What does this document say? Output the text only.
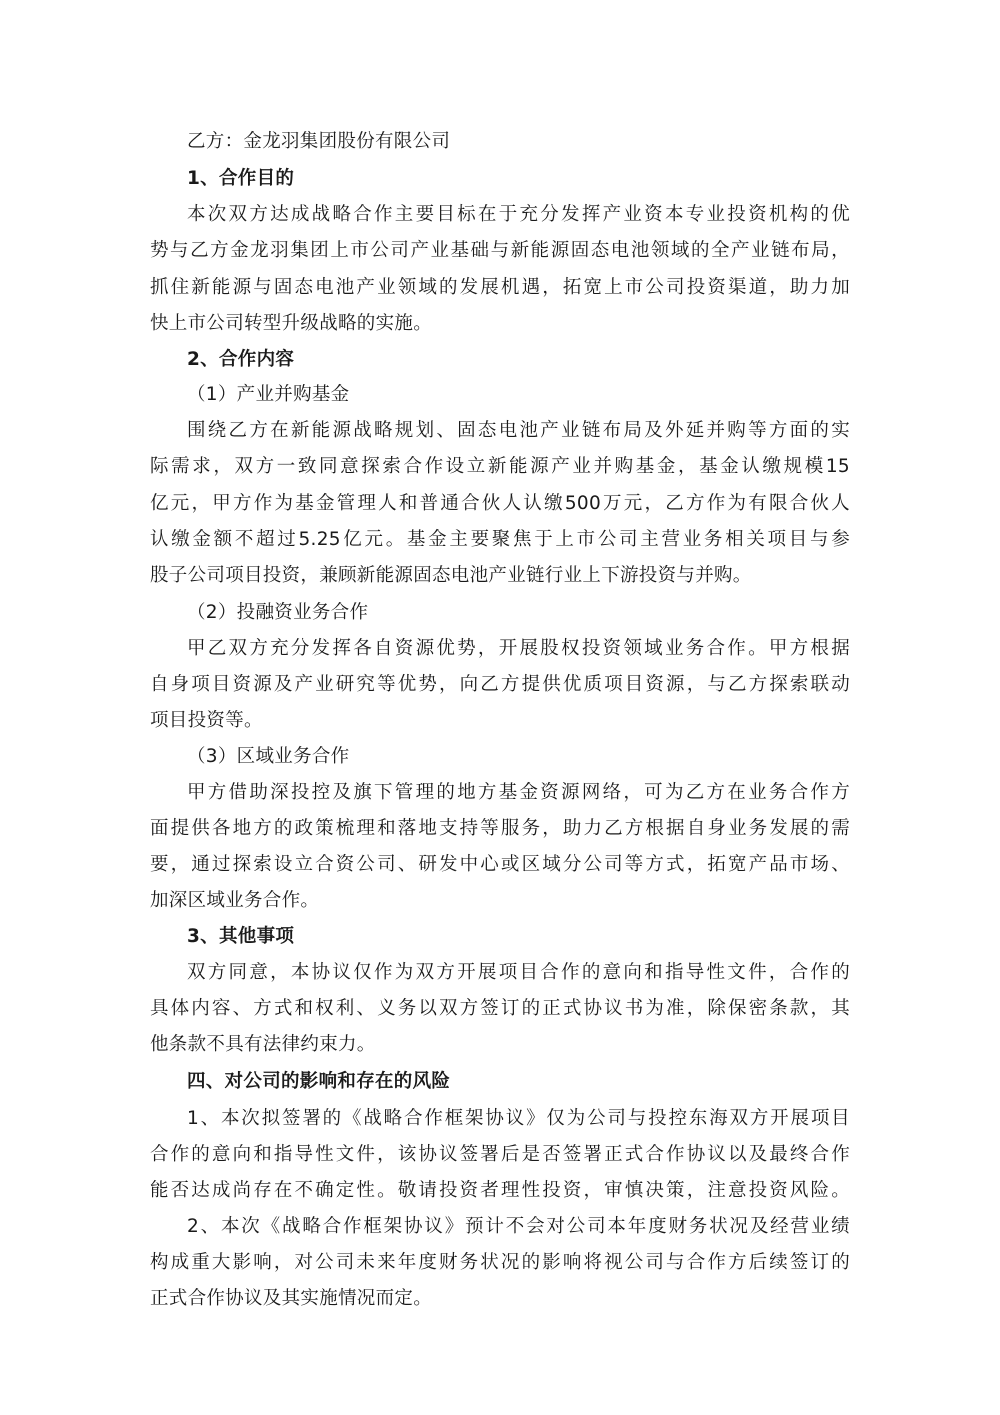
乙方：金龙羽集团股份有限公司

1、合作目的

本次双方达成战略合作主要目标在于充分发挥产业资本专业投资机构的优

势与乙方金龙羽集团上市公司产业基础与新能源固态电池领域的全产业链布局，

抓住新能源与固态电池产业领域的发展机遇，拓宽上市公司投资渠道，助力加

快上市公司转型升级战略的实施。

2、合作内容

（1）产业并购基金

围绕乙方在新能源战略规划、固态电池产业链布局及外延并购等方面的实

际需求，双方一致同意探索合作设立新能源产业并购基金，基金认缴规模15

亿元，甲方作为基金管理人和普通合伙人认缴500万元，乙方作为有限合伙人

认缴金额不超过5.25亿元。基金主要聚焦于上市公司主营业务相关项目与参

股子公司项目投资，兼顾新能源固态电池产业链行业上下游投资与并购。

（2）投融资业务合作

甲乙双方充分发挥各自资源优势，开展股权投资领域业务合作。甲方根据

自身项目资源及产业研究等优势，向乙方提供优质项目资源，与乙方探索联动

项目投资等。

（3）区域业务合作

甲方借助深投控及旗下管理的地方基金资源网络，可为乙方在业务合作方

面提供各地方的政策梳理和落地支持等服务，助力乙方根据自身业务发展的需

要，通过探索设立合资公司、研发中心或区域分公司等方式，拓宽产品市场、

加深区域业务合作。

3、其他事项

双方同意，本协议仅作为双方开展项目合作的意向和指导性文件，合作的

具体内容、方式和权利、义务以双方签订的正式协议书为准，除保密条款，其

他条款不具有法律约束力。

四、对公司的影响和存在的风险

1、本次拟签署的《战略合作框架协议》仅为公司与投控东海双方开展项目

合作的意向和指导性文件，该协议签署后是否签署正式合作协议以及最终合作

能否达成尚存在不确定性。敬请投资者理性投资，审慎决策，注意投资风险。

2、本次《战略合作框架协议》预计不会对公司本年度财务状况及经营业绩

构成重大影响，对公司未来年度财务状况的影响将视公司与合作方后续签订的

正式合作协议及其实施情况而定。
